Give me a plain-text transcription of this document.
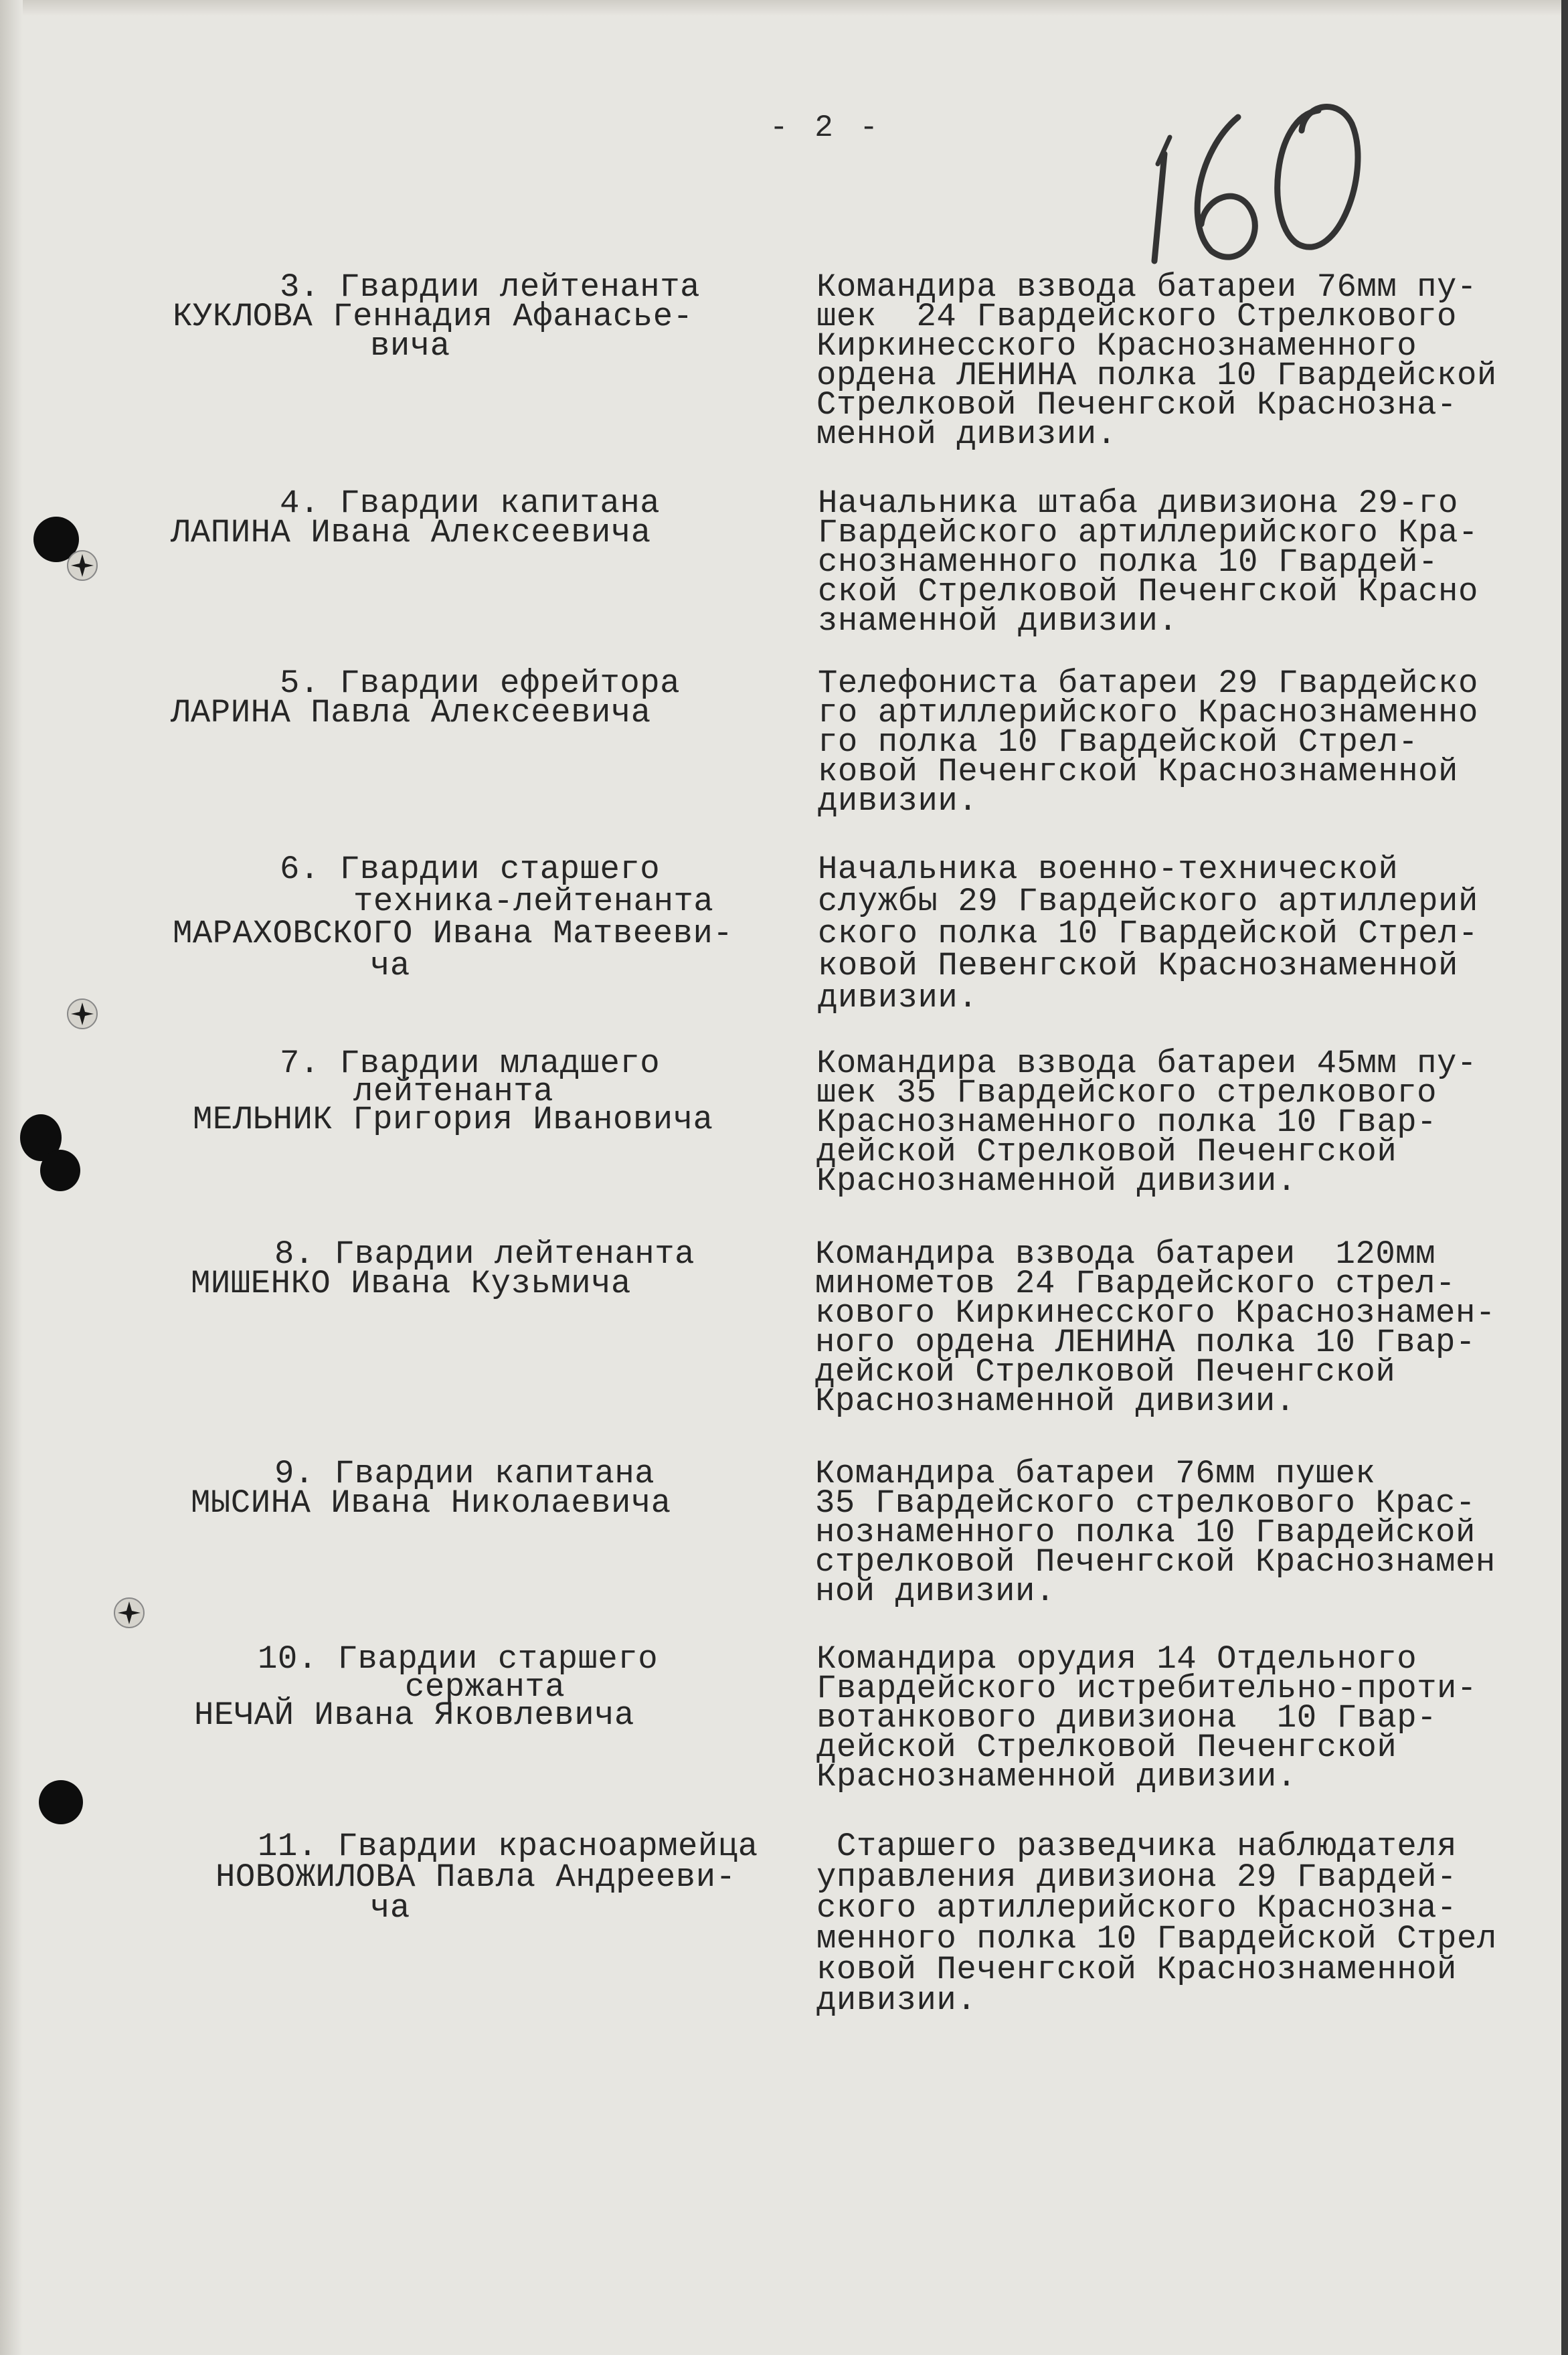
- 2 -
3. Гвардии лейтенанта
КУКЛОВА Геннадия Афанасье-
вича
Командира взвода батареи 76мм пу-
шек  24 Гвардейского Стрелкового
Киркинесского Краснознаменного
ордена ЛЕНИНА полка 10 Гвардейской
Стрелковой Печенгской Краснозна-
менной дивизии.
4. Гвардии капитана
ЛАПИНА Ивана Алексеевича
Начальника штаба дивизиона 29-го
Гвардейского артиллерийского Кра-
снознаменного полка 10 Гвардей-
ской Стрелковой Печенгской Красно
знаменной дивизии.
5. Гвардии ефрейтора
ЛАРИНА Павла Алексеевича
Телефониста батареи 29 Гвардейско
го артиллерийского Краснознаменно
го полка 10 Гвардейской Стрел-
ковой Печенгской Краснознаменной
дивизии.
6. Гвардии старшего
техника-лейтенанта
МАРАХОВСКОГО Ивана Матвееви-
ча
Начальника военно-технической
службы 29 Гвардейского артиллерий
ского полка 10 Гвардейской Стрел-
ковой Певенгской Краснознаменной
дивизии.
7. Гвардии младшего
лейтенанта
МЕЛЬНИК Григория Ивановича
Командира взвода батареи 45мм пу-
шек 35 Гвардейского стрелкового
Краснознаменного полка 10 Гвар-
дейской Стрелковой Печенгской
Краснознаменной дивизии.
8. Гвардии лейтенанта
МИШЕНКО Ивана Кузьмича
Командира взвода батареи  120мм
минометов 24 Гвардейского стрел-
кового Киркинесского Краснознамен-
ного ордена ЛЕНИНА полка 10 Гвар-
дейской Стрелковой Печенгской
Краснознаменной дивизии.
9. Гвардии капитана
МЫСИНА Ивана Николаевича
Командира батареи 76мм пушек
35 Гвардейского стрелкового Крас-
нознаменного полка 10 Гвардейской
стрелковой Печенгской Краснознамен
ной дивизии.
10. Гвардии старшего
сержанта
НЕЧАЙ Ивана Яковлевича
Командира орудия 14 Отдельного
Гвардейского истребительно-проти-
вотанкового дивизиона  10 Гвар-
дейской Стрелковой Печенгской
Краснознаменной дивизии.
11. Гвардии красноармейца
НОВОЖИЛОВА Павла Андрееви-
ча
Старшего разведчика наблюдателя
управления дивизиона 29 Гвардей-
ского артиллерийского Краснозна-
менного полка 10 Гвардейской Стрел
ковой Печенгской Краснознаменной
дивизии.
